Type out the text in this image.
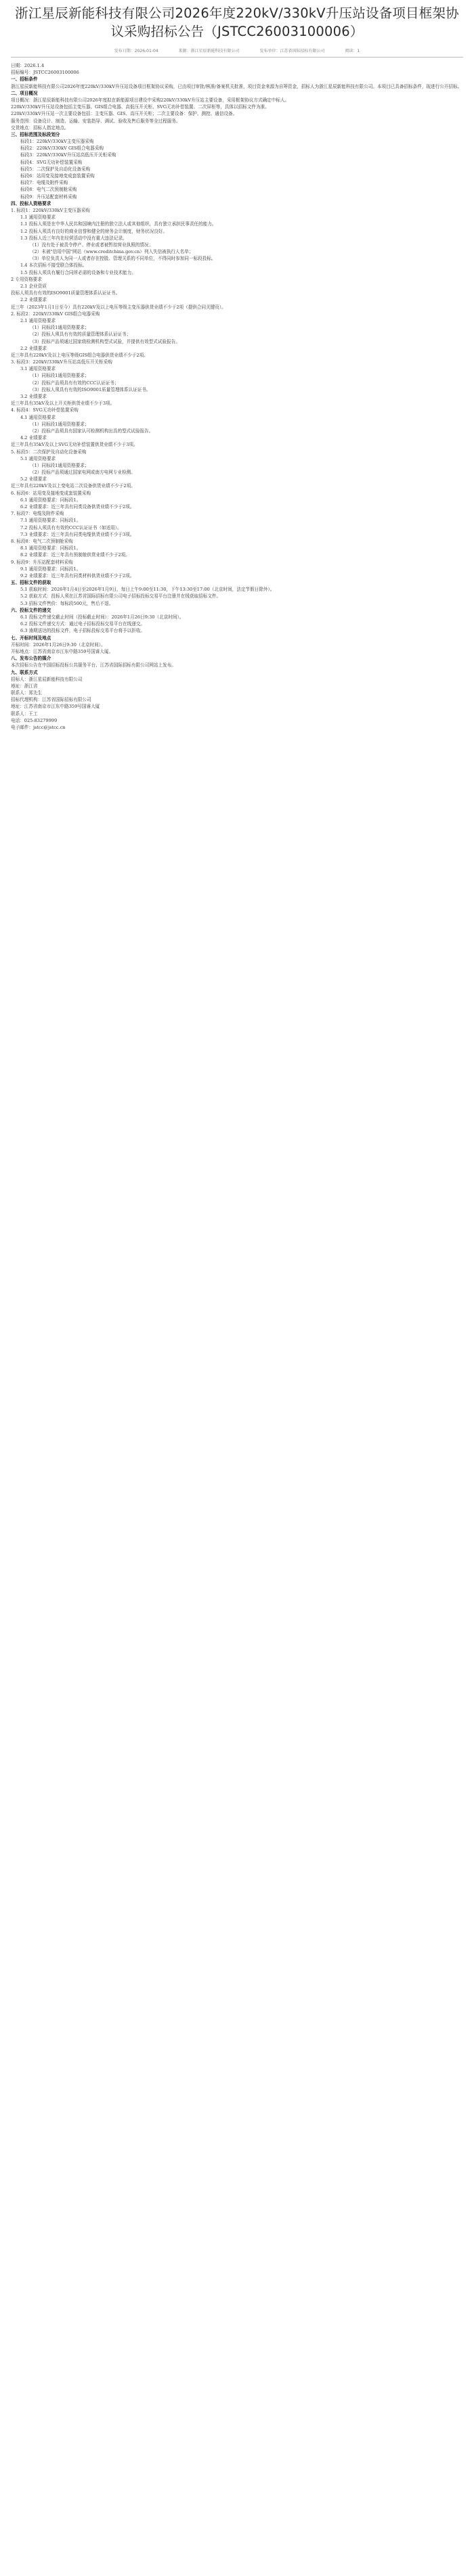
浙江星辰新能科技有限公司2026年度220kV/330kV升压站设备项目框架协议采购招标公告（JSTCC26003100006）
发布日期：2026-01-04	来源：浙江星辰新能科技有限公司	发布单位：江苏省国际招标有限公司	阅读：1
日期：2026.1.4
招标编号：JSTCC26003100006
一、招标条件
浙江星辰新能科技有限公司2026年度220kV/330kV升压站设备项目框架协议采购，已由项目审批/核准/备案机关批准，项目资金来源为自筹资金，招标人为浙江星辰新能科技有限公司。本项目已具备招标条件，现进行公开招标。
二、项目概况
项目概况：浙江星辰新能科技有限公司2026年度拟在新能源项目建设中采购220kV/330kV升压站主要设备，采用框架协议方式确定中标人。
220kV/330kV升压站设备包括主变压器、GIS组合电器、高低压开关柜、SVG无功补偿装置、二次屏柜等，具体以招标文件为准。
220kV/330kV升压站一次主要设备包括：主变压器、GIS、高压开关柜；二次主要设备：保护、测控、通信设备。
服务范围：设备设计、制造、运输、安装指导、调试、验收及售后服务等全过程服务。
交货地点：招标人指定地点。
三、招标范围及标段划分
标段1：220kV/330kV主变压器采购
标段2：220kV/330kV GIS组合电器采购
标段3：220kV/330kV升压站高低压开关柜采购
标段4：SVG无功补偿装置采购
标段5：二次保护及自动化设备采购
标段6：站用变及接地变成套装置采购
标段7：电缆及附件采购
标段8：电气二次预制舱采购
标段9：升压站配套材料采购
四、投标人资格要求
1. 标段1：220kV/330kV主变压器采购
1.1 通用资格要求
1.1 投标人须是在中华人民共和国境内注册的独立法人或其他组织，具有独立承担民事责任的能力。
1.2 投标人须具有良好的商业信誉和健全的财务会计制度，财务状况良好。
1.3 投标人近三年内在经营活动中没有重大违法记录。
（1）没有处于被责令停产、停业或者被暂扣营业执照的情况；
（2）未被"信用中国"网站（www.creditchina.gov.cn）列入失信被执行人名单；
（3）单位负责人为同一人或者存在控股、管理关系的不同单位，不得同时参加同一标段投标。
1.4 本次招标不接受联合体投标。
1.5 投标人须具有履行合同所必需的设备和专业技术能力。
2 专用资格要求
2.1 企业资质
投标人须具有有效的ISO9001质量管理体系认证证书。
2.2 业绩要求
近三年（2023年1月1日至今）具有220kV及以上电压等级主变压器供货业绩不少于2项（提供合同关键页）。
2. 标段2：220kV/330kV GIS组合电器采购
2.1 通用资格要求
（1）同标段1通用资格要求；
（2）投标人须具有有效的质量管理体系认证证书；
（3）投标产品须通过国家级检测机构型式试验，并提供有效型式试验报告。
2.2 业绩要求
近三年具有220kV及以上电压等级GIS组合电器供货业绩不少于2项。
3. 标段3：220kV/330kV升压站高低压开关柜采购
3.1 通用资格要求
（1）同标段1通用资格要求；
（2）投标产品须具有有效的CCC认证证书；
（3）投标人须具有有效的ISO9001质量管理体系认证证书。
3.2 业绩要求
近三年具有35kV及以上开关柜供货业绩不少于3项。
4. 标段4：SVG无功补偿装置采购
4.1 通用资格要求
（1）同标段1通用资格要求；
（2）投标产品须具有国家认可检测机构出具的型式试验报告。
4.2 业绩要求
近三年具有35kV及以上SVG无功补偿装置供货业绩不少于3项。
5. 标段5：二次保护及自动化设备采购
5.1 通用资格要求
（1）同标段1通用资格要求；
（2）投标产品须通过国家电网或南方电网专业检测。
5.2 业绩要求
近三年具有220kV及以上变电站二次设备供货业绩不少于2项。
6. 标段6：站用变及接地变成套装置采购
6.1 通用资格要求：同标段1。
6.2 业绩要求：近三年具有同类设备供货业绩不少于2项。
7. 标段7：电缆及附件采购
7.1 通用资格要求：同标段1。
7.2 投标人须具有有效的CCC认证证书（如适用）。
7.3 业绩要求：近三年具有同类电缆供货业绩不少于3项。
8. 标段8：电气二次预制舱采购
8.1 通用资格要求：同标段1。
8.2 业绩要求：近三年具有预制舱供货业绩不少于2项。
9. 标段9：升压站配套材料采购
9.1 通用资格要求：同标段1。
9.2 业绩要求：近三年具有同类材料供货业绩不少于2项。
五、招标文件的获取
5.1 获取时间：2026年1月4日至2026年1月9日，每日上午9:00至11:30，下午13:30至17:00（北京时间，法定节假日除外）。
5.2 获取方式：投标人须在江苏省国际招标有限公司电子招标投标交易平台注册并在线获取招标文件。
5.3 招标文件售价：每标段500元，售后不退。
六、投标文件的递交
6.1 投标文件递交截止时间（投标截止时间）：2026年1月26日9:30（北京时间）。
6.2 投标文件递交方式：通过电子招标投标交易平台在线递交。
6.3 逾期送达的投标文件，电子招标投标交易平台将予以拒收。
七、开标时间及地点
开标时间：2026年1月26日9:30（北京时间）。
开标地点：江苏省南京市江东中路359号国睿大厦。
八、发布公告的媒介
本次招标公告在中国招标投标公共服务平台、江苏省国际招标有限公司网站上发布。
九、联系方式
招标人：浙江星辰新能科技有限公司
地址：浙江省
联系人：郑先生
招标代理机构：江苏省国际招标有限公司
地址：江苏省南京市江东中路359号国睿大厦
联系人：王工
电话：025-83279999
电子邮件：jstcc@jstcc.cn
